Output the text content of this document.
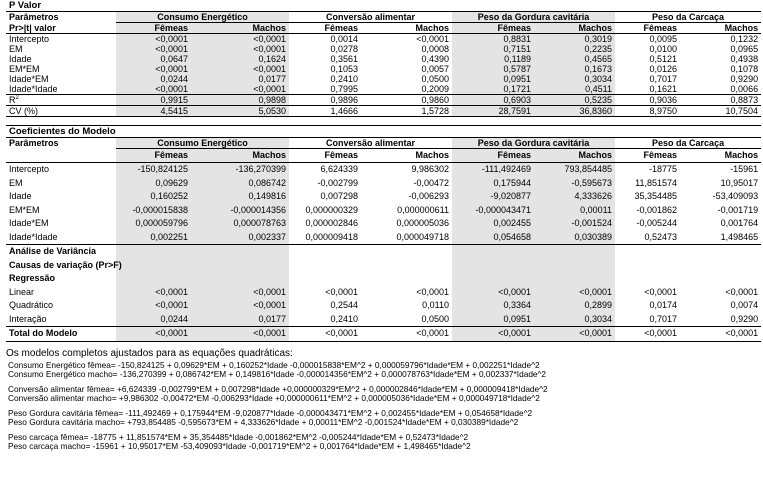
P Valor								
Parâmetros	Consumo Energético		Conversão alimentar		Peso da Gordura cavitária		Peso da Carcaça	
Pr>|t| valor	Fêmeas	Machos	Fêmeas	Machos	Fêmeas	Machos	Fêmeas	Machos
Intercepto	<0,0001	<0,0001	0,0014	<0,0001	0,8831	0,3019	0,0095	0,1232
EM	<0,0001	<0,0001	0,0278	0,0008	0,7151	0,2235	0,0100	0,0965
Idade	0,0647	0,1624	0,3561	0,4390	0,1189	0,4565	0,5121	0,4938
EM*EM	<0,0001	<0,0001	0,1053	0,0057	0,5787	0,1673	0,0126	0,1078
Idade*EM	0,0244	0,0177	0,2410	0,0500	0,0951	0,3034	0,7017	0,9290
Idade*Idade	<0,0001	<0,0001	0,7995	0,2009	0,1721	0,4511	0,1621	0,0066
$R^2$	0,9915	0,9898	0,9896	0,9860	0,6903	0,5235	0,9036	0,8873
CV (%)	4,5415	5,0530	1,4666	1,5728	28,7591	36,8360	8,9750	10,7504
Coeficientes do Modelo								
Parâmetros	Consumo Energético		Conversão alimentar		Peso da Gordura cavitária		Peso da Carcaça	
	Fêmeas	Machos	Fêmeas	Machos	Fêmeas	Machos	Fêmeas	Machos
Intercepto	-150,824125	-136,270399	6,624339	9,986302	-111,492469	793,854485	-18775	-15961
EM	0,09629	0,086742	-0,002799	-0,00472	0,175944	-0,595673	11,851574	10,95017
Idade	0,160252	0,149816	0,007298	-0,006293	-9,020877	4,333626	35,354485	-53,409093
EM*EM	-0,000015838	-0,000014356	0,000000329	0,000000611	-0,000043471	0,00011	-0,001862	-0,001719
Idade*EM	0,000059796	0,000078763	0,000002846	0,000005036	0,002455	-0,001524	-0,005244	0,001764
Idade*Idade	0,002251	0,002337	0,000009418	0,000049718	0,054658	0,030389	0,52473	1,498465
Análise de Variância								
Causas de variação (Pr>F)								
Regressão								
Linear	<0,0001	<0,0001	<0,0001	<0,0001	<0,0001	<0,0001	<0,0001	<0,0001
Quadrático	<0,0001	<0,0001	0,2544	0,0110	0,3364	0,2899	0,0174	0,0074
Interação	0,0244	0,0177	0,2410	0,0500	0,0951	0,3034	0,7017	0,9290
Total do Modelo	<0,0001	<0,0001	<0,0001	<0,0001	<0,0001	<0,0001	<0,0001	<0,0001
Os modelos completos ajustados para as equações quadráticas:
Consumo Energético fêmea= -150,824125 + 0,09629*EM + 0,160252*Idade -0,000015838*EM^2 + 0,000059796*Idade*EM + 0,002251*Idade^2
Consumo Energético macho= -136,270399 + 0,086742*EM + 0,149816*Idade -0,000014356*EM^2 + 0,000078763*Idade*EM + 0,002337*Idade^2
Conversão alimentar fêmea= +6,624339 -0,002799*EM + 0,007298*Idade +0,000000329*EM^2 + 0,000002846*Idade*EM + 0,000009418*Idade^2
Conversão alimentar macho= +9,986302 -0,00472*EM -0,006293*Idade +0,000000611*EM^2 + 0,000005036*Idade*EM + 0,000049718*Idade^2
Peso Gordura cavitária fêmea= -111,492469 + 0,175944*EM -9,020877*Idade -0,000043471*EM^2 + 0,002455*Idade*EM + 0,054658*Idade^2
Peso Gordura cavitária macho= +793,854485 -0,595673*EM + 4,333626*Idade + 0,00011*EM^2 -0,001524*Idade*EM + 0,030389*Idade^2
Peso carcaça fêmea= -18775 + 11,851574*EM + 35,354485*Idade -0,001862*EM^2 -0,005244*Idade*EM + 0,52473*Idade^2
Peso carcaça macho= -15961 + 10,95017*EM -53,409093*Idade -0,001719*EM^2 + 0,001764*Idade*EM + 1,498465*Idade^2
